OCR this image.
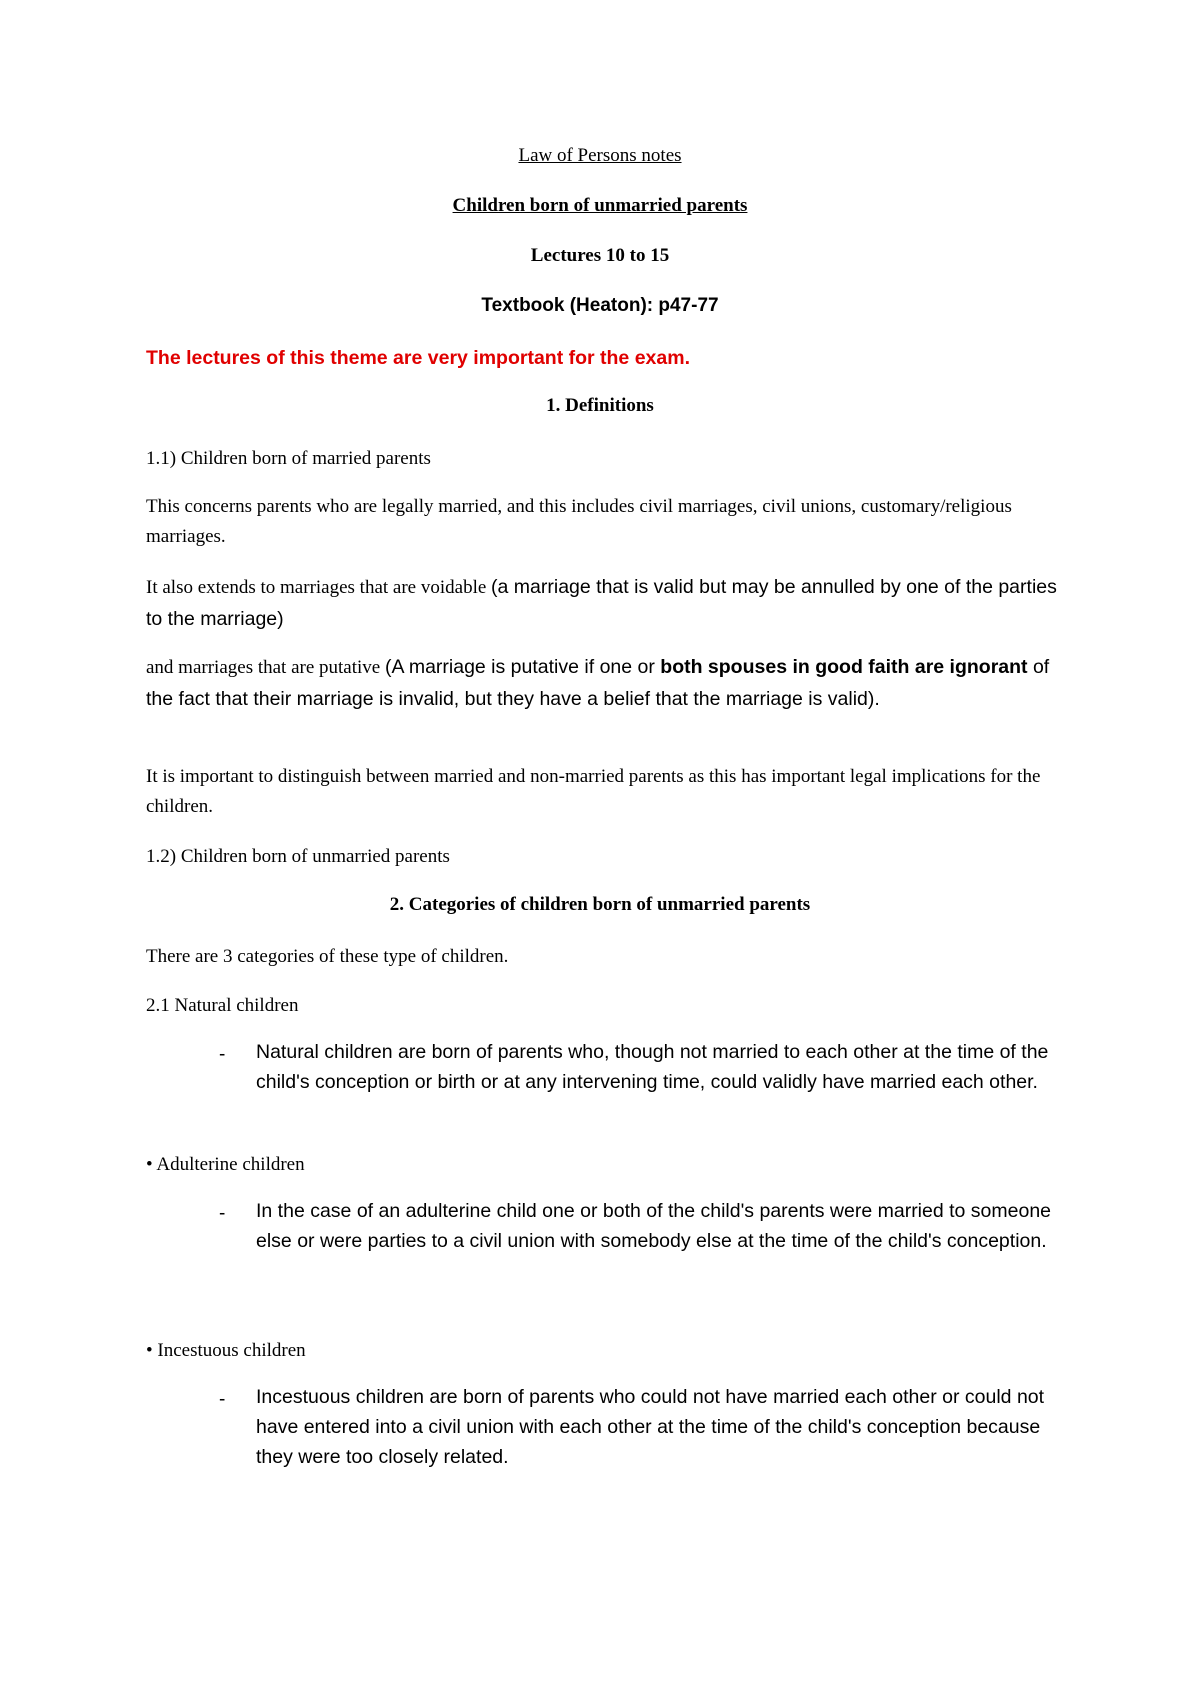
Law of Persons notes
Children born of unmarried parents
Lectures 10 to 15
Textbook (Heaton): p47-77
The lectures of this theme are very important for the exam.
1. Definitions
1.1) Children born of married parents
This concerns parents who are legally married, and this includes civil marriages, civil unions, customary/religious marriages.
It also extends to marriages that are voidable (a marriage that is valid but may be annulled by one of the parties to the marriage)
and marriages that are putative (A marriage is putative if one or both spouses in good faith are ignorant of the fact that their marriage is invalid, but they have a belief that the marriage is valid).
It is important to distinguish between married and non-married parents as this has important legal implications for the children.
1.2) Children born of unmarried parents
2. Categories of children born of unmarried parents
There are 3 categories of these type of children.
2.1 Natural children
- Natural children are born of parents who, though not married to each other at the time of the child's conception or birth or at any intervening time, could validly have married each other.
• Adulterine children
- In the case of an adulterine child one or both of the child's parents were married to someone else or were parties to a civil union with somebody else at the time of the child's conception.
• Incestuous children
- Incestuous children are born of parents who could not have married each other or could not have entered into a civil union with each other at the time of the child's conception because they were too closely related.
